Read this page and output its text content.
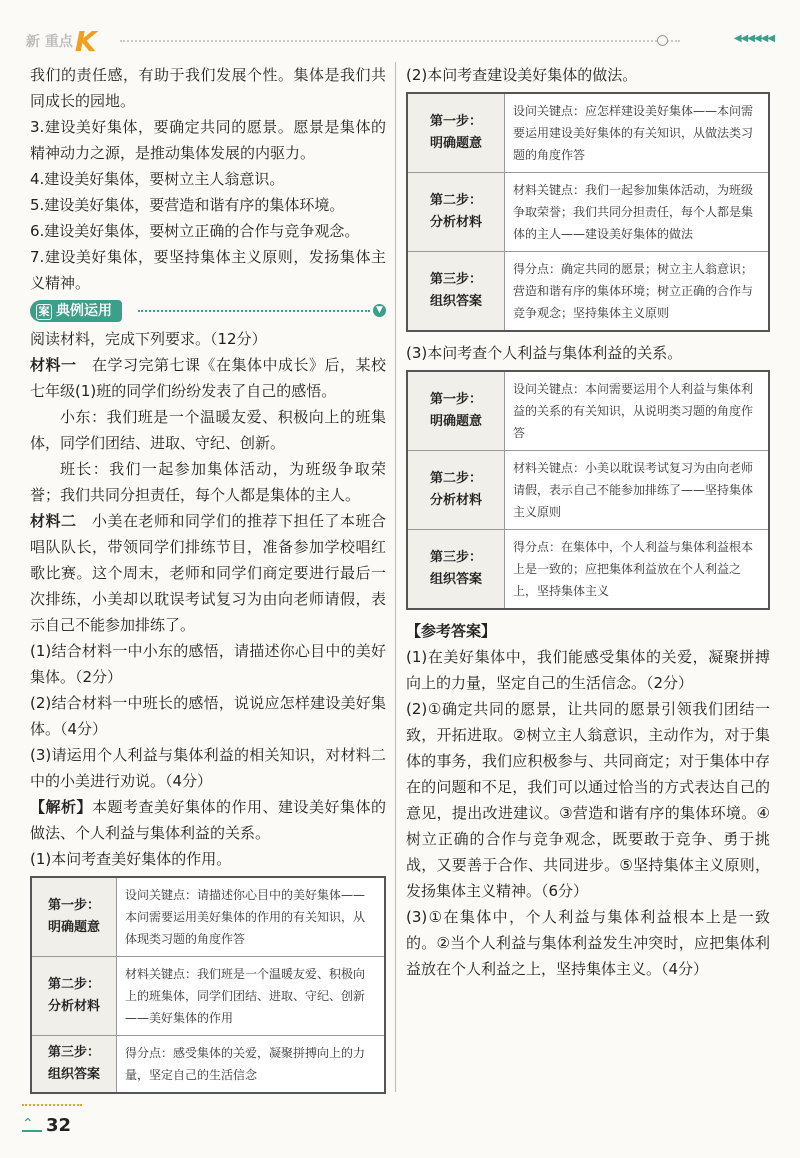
新 重点 K	◀◀◀◀◀◀

我们的责任感，有助于我们发展个性。集体是我们共同成长的园地。

3.建设美好集体，要确定共同的愿景。愿景是集体的精神动力之源，是推动集体发展的内驱力。

4.建设美好集体，要树立主人翁意识。

5.建设美好集体，要营造和谐有序的集体环境。

6.建设美好集体，要树立正确的合作与竞争观念。

7.建设美好集体，要坚持集体主义原则，发扬集体主义精神。

案 典例运用	▼

阅读材料，完成下列要求。（12分）

材料一　在学习完第七课《在集体中成长》后，某校七年级(1)班的同学们纷纷发表了自己的感悟。

小东：我们班是一个温暖友爱、积极向上的班集体，同学们团结、进取、守纪、创新。

班长：我们一起参加集体活动，为班级争取荣誉；我们共同分担责任，每个人都是集体的主人。

材料二　小美在老师和同学们的推荐下担任了本班合唱队队长，带领同学们排练节目，准备参加学校唱红歌比赛。这个周末，老师和同学们商定要进行最后一次排练，小美却以耽误考试复习为由向老师请假，表示自己不能参加排练了。

(1)结合材料一中小东的感悟，请描述你心目中的美好集体。（2分）

(2)结合材料一中班长的感悟，说说应怎样建设美好集体。（4分）

(3)请运用个人利益与集体利益的相关知识，对材料二中的小美进行劝说。（4分）

【解析】本题考查美好集体的作用、建设美好集体的做法、个人利益与集体利益的关系。

(1)本问考查美好集体的作用。

第一步：
明确题意	设问关键点：请描述你心目中的美好集体——本问需要运用美好集体的作用的有关知识，从体现类习题的角度作答
第二步：
分析材料	材料关键点：我们班是一个温暖友爱、积极向上的班集体，同学们团结、进取、守纪、创新——美好集体的作用
第三步：
组织答案	得分点：感受集体的关爱，凝聚拼搏向上的力量，坚定自己的生活信念

(2)本问考查建设美好集体的做法。

第一步：
明确题意	设问关键点：应怎样建设美好集体——本问需要运用建设美好集体的有关知识，从做法类习题的角度作答
第二步：
分析材料	材料关键点：我们一起参加集体活动，为班级争取荣誉；我们共同分担责任，每个人都是集体的主人——建设美好集体的做法
第三步：
组织答案	得分点：确定共同的愿景；树立主人翁意识；营造和谐有序的集体环境；树立正确的合作与竞争观念；坚持集体主义原则

(3)本问考查个人利益与集体利益的关系。

第一步：
明确题意	设问关键点：本问需要运用个人利益与集体利益的关系的有关知识，从说明类习题的角度作答
第二步：
分析材料	材料关键点：小美以耽误考试复习为由向老师请假，表示自己不能参加排练了——坚持集体主义原则
第三步：
组织答案	得分点：在集体中，个人利益与集体利益根本上是一致的；应把集体利益放在个人利益之上，坚持集体主义
【参考答案】

(1)在美好集体中，我们能感受集体的关爱，凝聚拼搏向上的力量，坚定自己的生活信念。（2分）

(2)①确定共同的愿景，让共同的愿景引领我们团结一致，开拓进取。②树立主人翁意识，主动作为，对于集体的事务，我们应积极参与、共同商定；对于集体中存在的问题和不足，我们可以通过恰当的方式表达自己的意见，提出改进建议。③营造和谐有序的集体环境。④树立正确的合作与竞争观念，既要敢于竞争、勇于挑战，又要善于合作、共同进步。⑤坚持集体主义原则，发扬集体主义精神。（6分）

(3)①在集体中，个人利益与集体利益根本上是一致的。②当个人利益与集体利益发生冲突时，应把集体利益放在个人利益之上，坚持集体主义。（4分）

⌃ 32
